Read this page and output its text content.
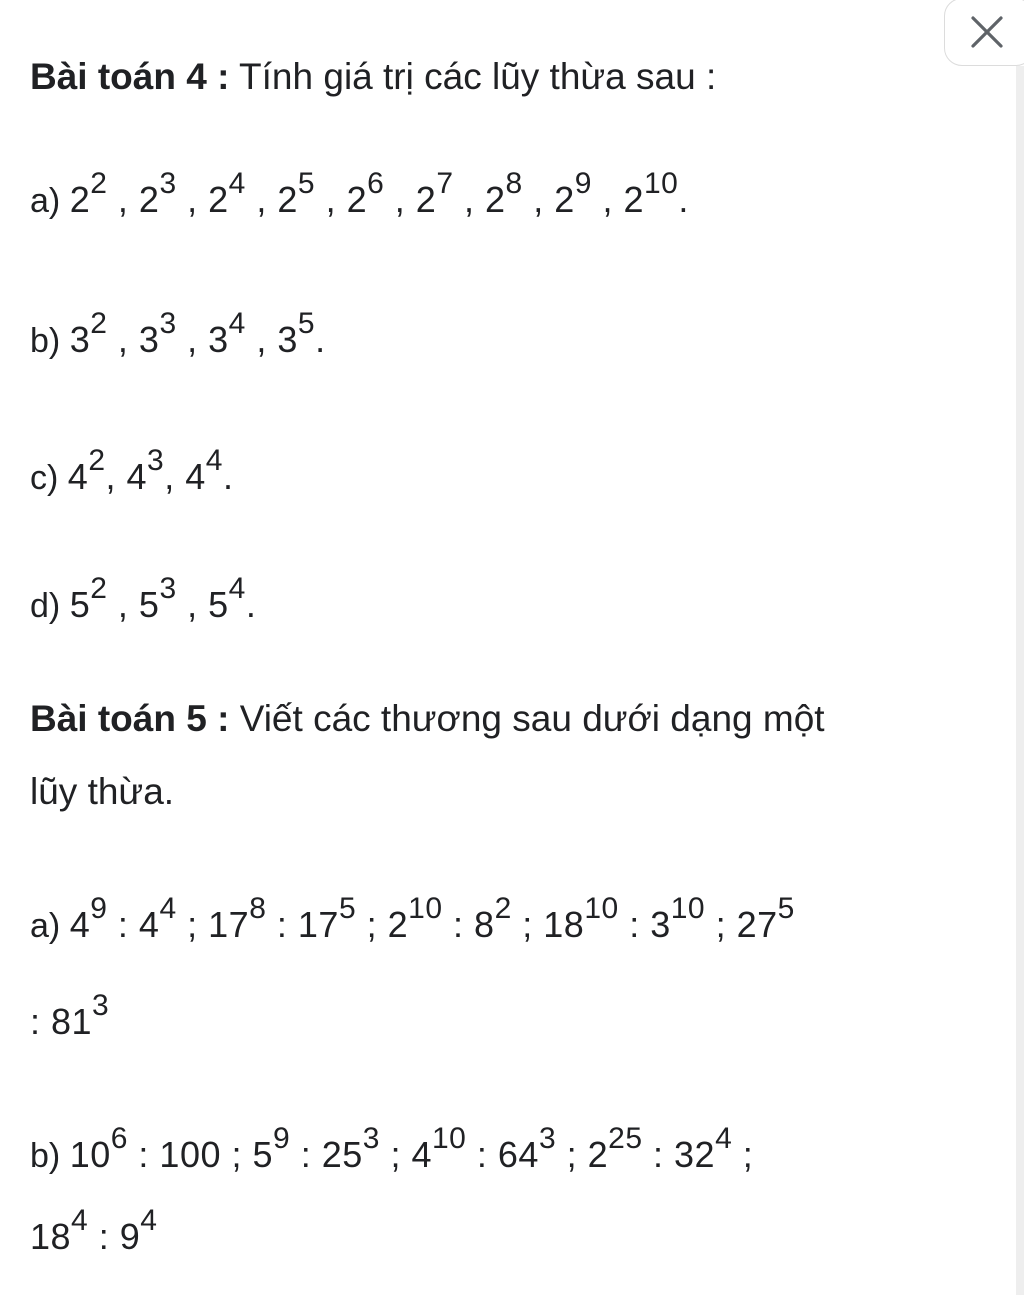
Bài toán 4 : Tính giá trị các lũy thừa sau :
a) $2^2$ , $2^3$ , $2^4$ , $2^5$ , $2^6$ , $2^7$ , $2^8$ , $2^9$ , $2^{10}$.
b) $3^2$ , $3^3$ , $3^4$ , $3^5$.
c) $4^2$, $4^3$, $4^4$.
d) $5^2$ , $5^3$ , $5^4$.
Bài toán 5 : Viết các thương sau dưới dạng một
lũy thừa.
a) $4^9$ : $4^4$ ; $17^8$ : $17^5$ ; $2^{10}$ : $8^2$ ; $18^{10}$ : $3^{10}$ ; $27^5$
: $81^3$
b) $10^6$ : 100 ; $5^9$ : $25^3$ ; $4^{10}$ : $64^3$ ; $2^{25}$ : $32^4$ ;
$18^4$ : $9^4$
